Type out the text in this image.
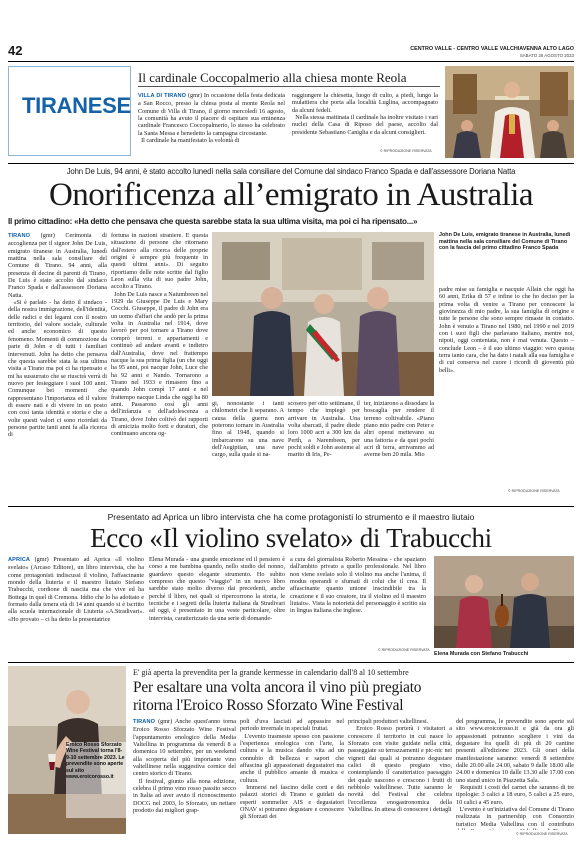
42	CENTRO VALLE - CENTRO VALLE VALCHIAVENNA ALTO LAGO
SABATO 26 AGOSTO 2023
TIRANESE
Il cardinale Coccopalmerio alla chiesa monte Reola
VILLA DI TIRANO (gmr) In occasione della festa dedicata a San Rocco, presso la chiesa posta al monte Reola nel Comune di Villa di Tirano, il giorno mercoledì 16 agosto, la comunità ha avuto il piacere di ospitare sua eminenza cardinale Francesco Coccopalmerio, lo stesso ha celebrato la Santa Messa e benedetto la campagna circostante.
Il cardinale ha manifestato la volontà di
raggiungere la chiesetta, luogo di culto, a piedi, lungo la mulattiera che porta alla località Luglina, accompagnato da alcuni fedeli.
Nella stessa mattinata il cardinale ha inoltre visitato i vari nuclei della Casa di Riposo del paese, accolto dal presidente Sebastiano Caniglia e da alcuni consiglieri.
© RIPRODUZIONE RISERVATA
John De Luis, 94 anni, è stato accolto lunedì nella sala consiliare del Comune dal sindaco Franco Spada e dall'assessore Doriana Natta
Onorificenza all’emigrato in Australia
Il primo cittadino: «Ha detto che pensava che questa sarebbe stata la sua ultima visita, ma poi ci ha ripensato...»
TIRANO (gmr) Cerimonia di accoglienza per il signor John De Luis, emigrato tiranese in Australia, lunedì mattina nella sala consiliare del Comune di Tirano. 94 anni, alla presenza di decine di parenti di Tirano, De Luis è stato accolto dal sindaco Franco Spada e dall'assessore Doriana Natta.
«Si è parlato - ha detto il sindaco - della nostra immigrazione, dell'identità, delle radici e dei legami con il nostro territorio, del valore sociale, culturale ed anche economico di questo fenomeno. Momenti di commozione da parte di John e di tutti i familiari intervenuti. John ha detto che pensava che questa sarebbe stata la sua ultima visita a Tirano ma poi ci ha ripensato e mi ha sussurrato che se riuscirà verrà di nuovo per festeggiare i suoi 100 anni. Comunque bei momenti che rappresentano l'importanza ed il valore di essere nati e di vivere in un posto con così tanta identità e storia e che a volte questi valori ci sono ricordati da persone partite tanti anni fa alla ricerca di
fortuna in nazioni straniere. E questa situazione di persone che ritornano dall'estero alla ricerca delle proprie origini è sempre più frequente in questi ultimi anni». Di seguito riportiamo delle note scritte dal figlio Leon sulla vita di suo padre John, accolto a Tirano.
John De Luis nasce a Natumbreen nel 1929 da Giuseppe De Luis e Mary Cocchi. Giuseppe, il padre di John era un uomo d'affari che andò per la prima volta in Australia nel 1914, dove lavorò per poi tornare a Tirano dove comprò terreni e appartamenti e continuò ad andare avanti e indietro dall'Australia, dove nel frattempo nacque la sua prima figlia (un che oggi ha 95 anni, poi nacque John, Luce che ha 92 anni e Nando. Tornarono a Tirano nel 1933 e rimasero fino a quando John compì 17 anni e nel frattempo nacque Linda che oggi ha 80 anni. Passarono così gli anni dell'infanzia e dell'adolescenza a Tirano, dove John coltivò dei rapporti di amicizia molto forti e duraturi, che continuano ancora og-
gi, nonostante i tanti chilometri che li separano. A causa della guerra non poterono tornare in Australia fino al 1948, quando si imbarcarono su una nave dell'Aegiptian, una nave cargo, sulla quale si na-
scosero per otto settimane, il tempo che impiegò per arrivare in Australia. Una volta sbarcati, il padre diede loro 1000 acri a 300 km da Perth, a Narembeen, per pochi soldi e John assieme al marito di Iris, Pe-
ter, iniziarono a dissodare la boscaglia per rendere il terreno coltivabile. «Piano piano mio padre con Peter e altri operai mettevano su una fattoria e da quei pochi acri di terra, arrivammo ad averne ben 20 mila. Mio
John De Luis, emigrato tiranese in Australia, lunedì mattina nella sala consiliare del Comune di Tirano con la fascia del primo cittadino Franco Spada
padre mise su famiglia e nacquie Allain che oggi ha 60 anni, Erika di 57 e infine io che ho deciso per la prima volta di venire a Tirano per conoscere la giovinezza di mio padre, la sua famiglia di origine e tutte le persone che sono sempre rimaste in contatto. John è venuto a Tirano nel 1980, nel 1990 e nel 2019 con i suoi figli che parlavano italiano, mentre noi, nipoti, oggi contentata, non è mai venuta. Questo – conclude Leon – è il suo ultimo viaggio: vero questa terra tanto cara, che ha dato i natali alla sua famiglia e di cui conserva nel cuore i ricordi di gioventù più belli».
© RIPRODUZIONE RISERVATA
Presentato ad Aprica un libro intervista che ha come protagonisti lo strumento e il maestro liutaio
Ecco «Il violino svelato» di Trabucchi
APRICA (gmr) Presentato ad Aprica «Il violino svelato» (Arcaso Editore), un libro intervista, che ha come protagonisti indiscussi il violino, l'affascinante mondo della liuteria e il maestro liutaio Stefano Trabucchi, cordione di nascita ma che vive ed ha Bottega in quel di Cremona. Iddio che lo ha adottato e formato dalla tenera età di 14 anni quando si è iscritto alla scuola internazionale di Liuteria «A.Stradivari». «Ho provato – ci ha detto la presentatrice
Elena Murada - una grande emozione ed il pensiero è corso a me bambina quando, nello studio del nonno, guardavo questo elegante strumento. Ho subito compreso che questo "viaggio" in un nuovo libro sarebbe stato molto diverso dai precedenti, anche perché il libro, nei quali si ripercorrono la storia, le tecniche e i segreti della liuteria italiana da Stradivari ad oggi, è presentato in una veste particolare, oltre intervista, caratterizzato da una serie di domande-
a cura del giornalista Roberto Messina - che spaziano dall'ambito privato a quello professionale. Nel libro non viene svelato solo il violino ma anche l'anima, il modus operandi e sfumati di colui che il crea. Il affascinante quanto unione inscindibile tra la creazione e il suo creatore, tra il violino ed il maestro liutaio». Vista la notorietà del personaggio è scritto sia in lingua italiana che inglese.
© RIPRODUZIONE RISERVATA
Elena Murada con Stefano Trabucchi
Eroico Rosso Sforzato Wine Festival torna l'8-9-10 settembre 2023. Le prevendite sono aperte sul sito www.eroicorosso.it
E' già aperta la prevendita per la grande kermesse in calendario dall'8 al 10 settembre
Per esaltare una volta ancora il vino più pregiato
ritorna l'Eroico Rosso Sforzato Wine Festival
TIRANO (gmr) Anche quest'anno torna Eroico Rosso Sforzato Wine Festival l'appuntamento enologico della Media Valtellina in programma da venerdì 8 a domenica 10 settembre, per un weekend alla scoperta del più importante vino valtellinese nella suggestiva cornice del centro storico di Tirano.
Il festival, giunto alla nona edizione, celebra il primo vino rosso passito secco in Italia ad aver avuto il riconoscimento DOCG nel 2003, lo Sforzato, un nettare prodotto dai migliori grap-
poli d'uva lasciati ad appassire nel periodo invernale in speciali fruttai.
L'evento trasmeste spesso con passione l'esperienza enologica con l'arte, la cultura e la musica dando vita ad un connubio di bellezza e sapori che affascina gli appassionati degustatori ma anche il pubblico amante di musica e cultura.
Immersi nel fascino delle corti e dei palazzi storici di Tirano e guidati da esperti sommelier AIS e degustatori ONAV si potranno degustare e conoscere gli Sforzati dei
principali produttori valtellinesi.
Eroico Rosso porterà i visitatori a conoscere il territorio in cui nasce lo Sforzato con visite guidate nella città, passeggiate su terrazzamenti e pic-nic nei vigneti dai quali si potranno degustare calici di questo pregiato vino, contemplando il caratteristico paesaggio dei quale nascono e crescono i frutti di nebbiolo valtellinese. Tutte saranno le novità del Festival che celebra l'eccellenza enogastronomica della Valtellina. In attesa di conoscere i dettagli
del programma, le prevendite sono aperte sul sito www.eroicorosso.it e già da ora gli appassionati potranno scegliere i vini da degustare fra quelli di più di 20 cantine presenti all'edizione 2023. Gli orari della manifestazione saranno: venerdì 8 settembre dalle 20.00 alle 24.00, sabato 9 dalle 18.00 alle 24.00 e domenica 10 dalle 13.30 alle 17.00 con uno stand unico in Piazzetta Sala.
Requisiti i costi del carnet che saranno di tre tipologie: 3 calici a 18 euro, 5 calici a 25 euro, 10 calici a 45 euro.
L'evento è un'iniziativa del Comune di Tirano realizzata in partnership con Consorzio turistico Media Valtellina con il contributo
© RIPRODUZIONE RISERVATA
